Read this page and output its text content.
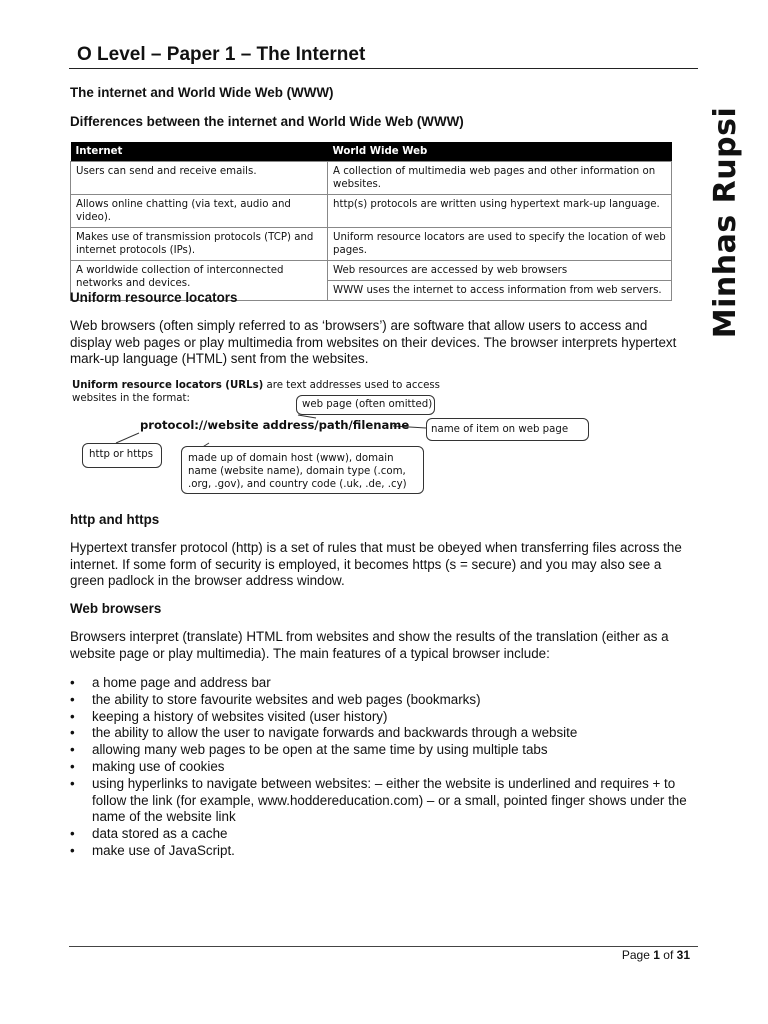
O Level – Paper 1 – The Internet
Minhas Rupsi
The internet and World Wide Web (WWW)
Differences between the internet and World Wide Web (WWW)
Internet	World Wide Web
Users can send and receive emails.	A collection of multimedia web pages and other information on websites.
Allows online chatting (via text, audio and video).	http(s) protocols are written using hypertext mark-up language.
Makes use of transmission protocols (TCP) and internet protocols (IPs).	Uniform resource locators are used to specify the location of web pages.
A worldwide collection of interconnected networks and devices.	Web resources are accessed by web browsers
	WWW uses the internet to access information from web servers.
Uniform resource locators
Web browsers (often simply referred to as ‘browsers’) are software that allow users to access and display web pages or play multimedia from websites on their devices. The browser interprets hypertext mark-up language (HTML) sent from the websites.
Uniform resource locators (URLs) are text addresses used to access
websites in the format:
web page (often omitted)
protocol://website address/path/filename name of item on web page
http or https	made up of domain host (www), domain
name (website name), domain type (.com,
.org, .gov), and country code (.uk, .de, .cy)
http and https
Hypertext transfer protocol (http) is a set of rules that must be obeyed when transferring files across the internet. If some form of security is employed, it becomes https (s = secure) and you may also see a green padlock in the browser address window.
Web browsers
Browsers interpret (translate) HTML from websites and show the results of the translation (either as a website page or play multimedia). The main features of a typical browser include:
• a home page and address bar
• the ability to store favourite websites and web pages (bookmarks)
• keeping a history of websites visited (user history)
• the ability to allow the user to navigate forwards and backwards through a website
• allowing many web pages to be open at the same time by using multiple tabs
• making use of cookies
• using hyperlinks to navigate between websites: – either the website is underlined and requires + to follow the link (for example, www.hoddereducation.com) – or a small, pointed finger shows under the name of the website link
• data stored as a cache
• make use of JavaScript.
Page 1 of 31
